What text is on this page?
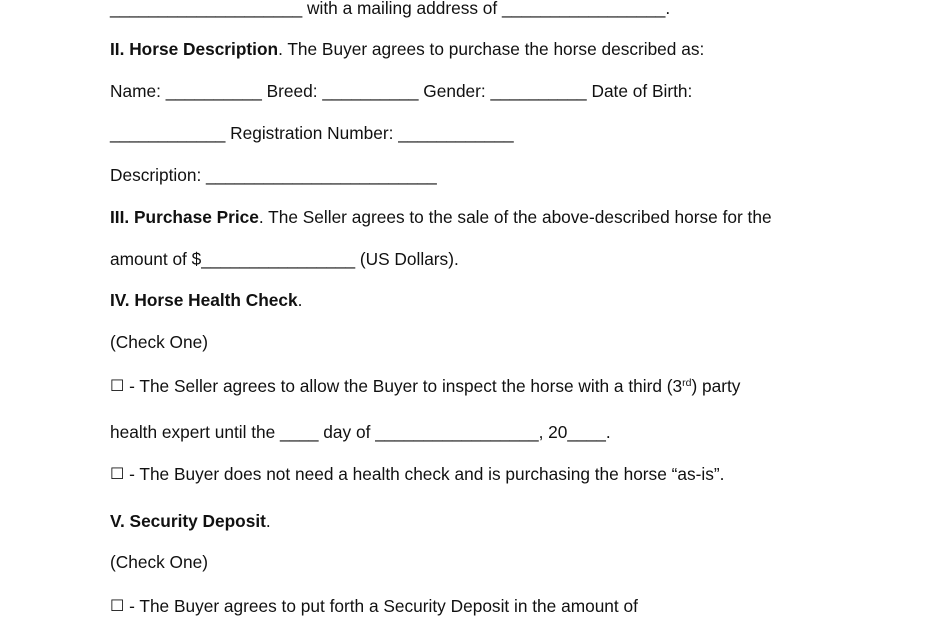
____________________ with a mailing address of _________________.
II. Horse Description. The Buyer agrees to purchase the horse described as:
Name: __________ Breed: __________ Gender: __________ Date of Birth:
____________ Registration Number: ____________
Description: ________________________
III. Purchase Price. The Seller agrees to the sale of the above-described horse for the
amount of $________________ (US Dollars).
IV. Horse Health Check.
(Check One)
☐ - The Seller agrees to allow the Buyer to inspect the horse with a third (3rd) party
health expert until the ____ day of _________________, 20____.
☐ - The Buyer does not need a health check and is purchasing the horse “as-is”.
V. Security Deposit.
(Check One)
☐ - The Buyer agrees to put forth a Security Deposit in the amount of
